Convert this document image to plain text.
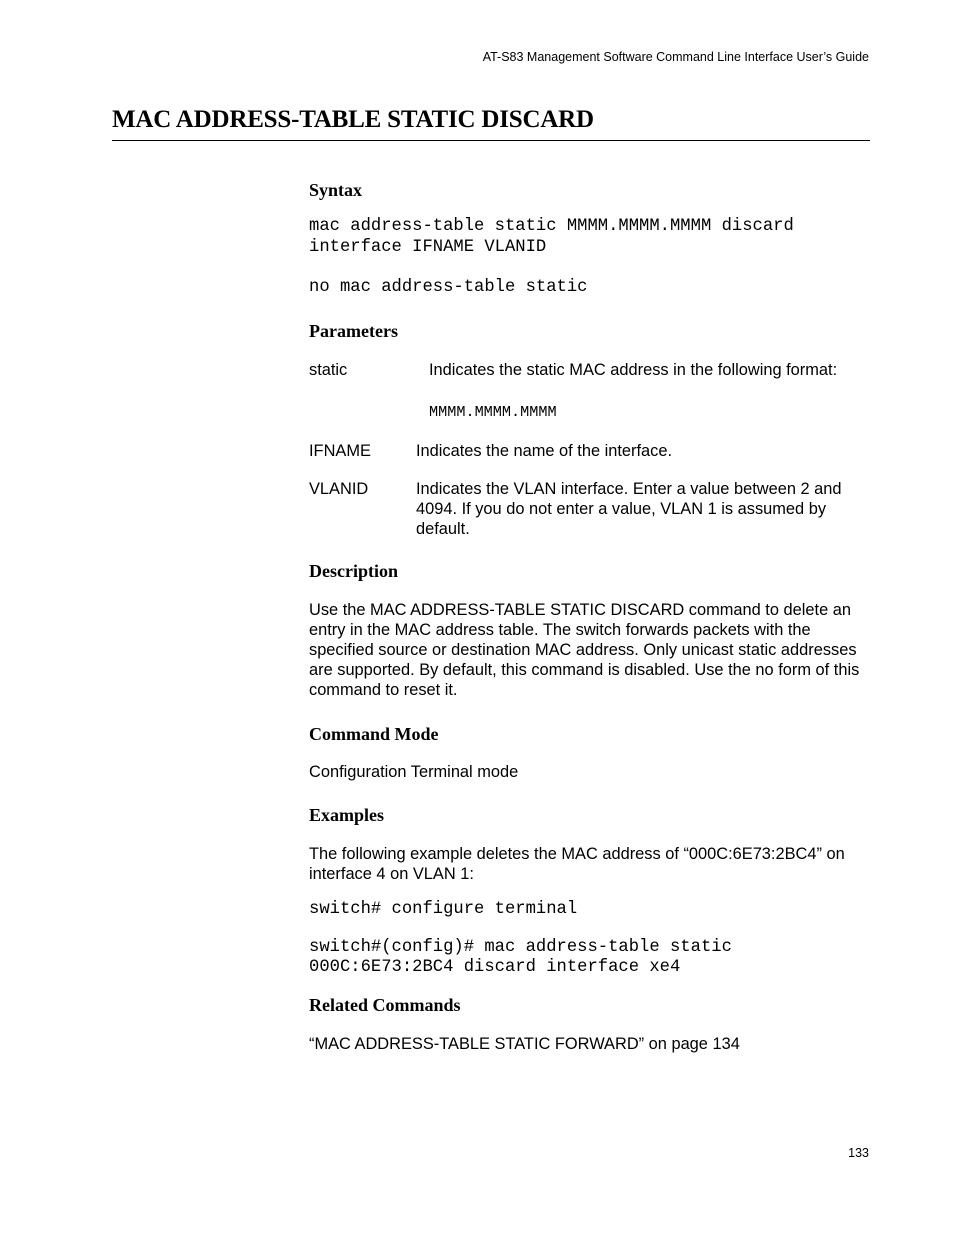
AT-S83 Management Software Command Line Interface User’s Guide
MAC ADDRESS-TABLE STATIC DISCARD
Syntax
mac address-table static MMMM.MMMM.MMMM discard
interface IFNAME VLANID
no mac address-table static
Parameters
static	Indicates the static MAC address in the following format:
MMMM.MMMM.MMMM
IFNAME	Indicates the name of the interface.
VLANID	Indicates the VLAN interface. Enter a value between 2 and 4094. If you do not enter a value, VLAN 1 is assumed by default.
Description
Use the MAC ADDRESS-TABLE STATIC DISCARD command to delete an entry in the MAC address table. The switch forwards packets with the specified source or destination MAC address. Only unicast static addresses are supported. By default, this command is disabled. Use the no form of this command to reset it.
Command Mode
Configuration Terminal mode
Examples
The following example deletes the MAC address of “000C:6E73:2BC4” on interface 4 on VLAN 1:
switch# configure terminal
switch#(config)# mac address-table static
000C:6E73:2BC4 discard interface xe4
Related Commands
“MAC ADDRESS-TABLE STATIC FORWARD” on page 134
133
